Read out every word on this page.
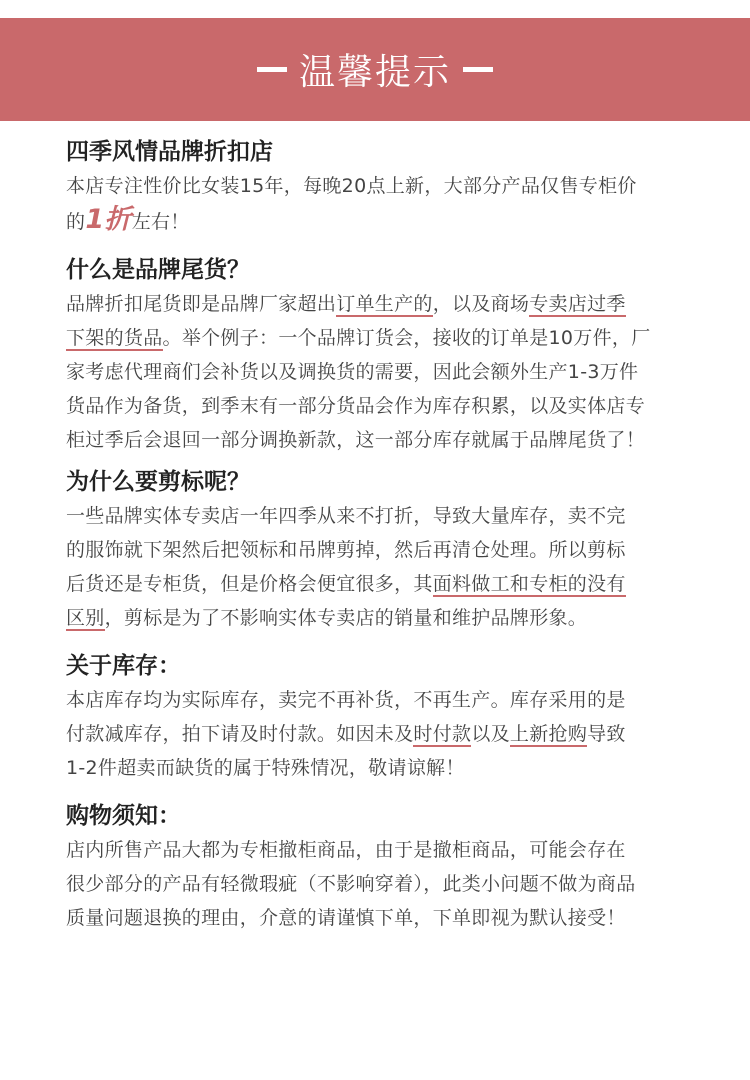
温馨提示

四季风情品牌折扣店

本店专注性价比女装15年，每晚20点上新，大部分产品仅售专柜价

的1折左右！

什么是品牌尾货？

品牌折扣尾货即是品牌厂家超出订单生产的，以及商场专卖店过季

下架的货品。举个例子：一个品牌订货会，接收的订单是10万件，厂

家考虑代理商们会补货以及调换货的需要，因此会额外生产1-3万件

货品作为备货，到季末有一部分货品会作为库存积累，以及实体店专

柜过季后会退回一部分调换新款，这一部分库存就属于品牌尾货了！

为什么要剪标呢？

一些品牌实体专卖店一年四季从来不打折，导致大量库存，卖不完

的服饰就下架然后把领标和吊牌剪掉，然后再清仓处理。所以剪标

后货还是专柜货，但是价格会便宜很多，其面料做工和专柜的没有

区别，剪标是为了不影响实体专卖店的销量和维护品牌形象。

关于库存：

本店库存均为实际库存，卖完不再补货，不再生产。库存采用的是

付款减库存，拍下请及时付款。如因未及时付款以及上新抢购导致

1-2件超卖而缺货的属于特殊情况，敬请谅解！

购物须知：

店内所售产品大都为专柜撤柜商品，由于是撤柜商品，可能会存在

很少部分的产品有轻微瑕疵（不影响穿着），此类小问题不做为商品

质量问题退换的理由，介意的请谨慎下单，下单即视为默认接受！
